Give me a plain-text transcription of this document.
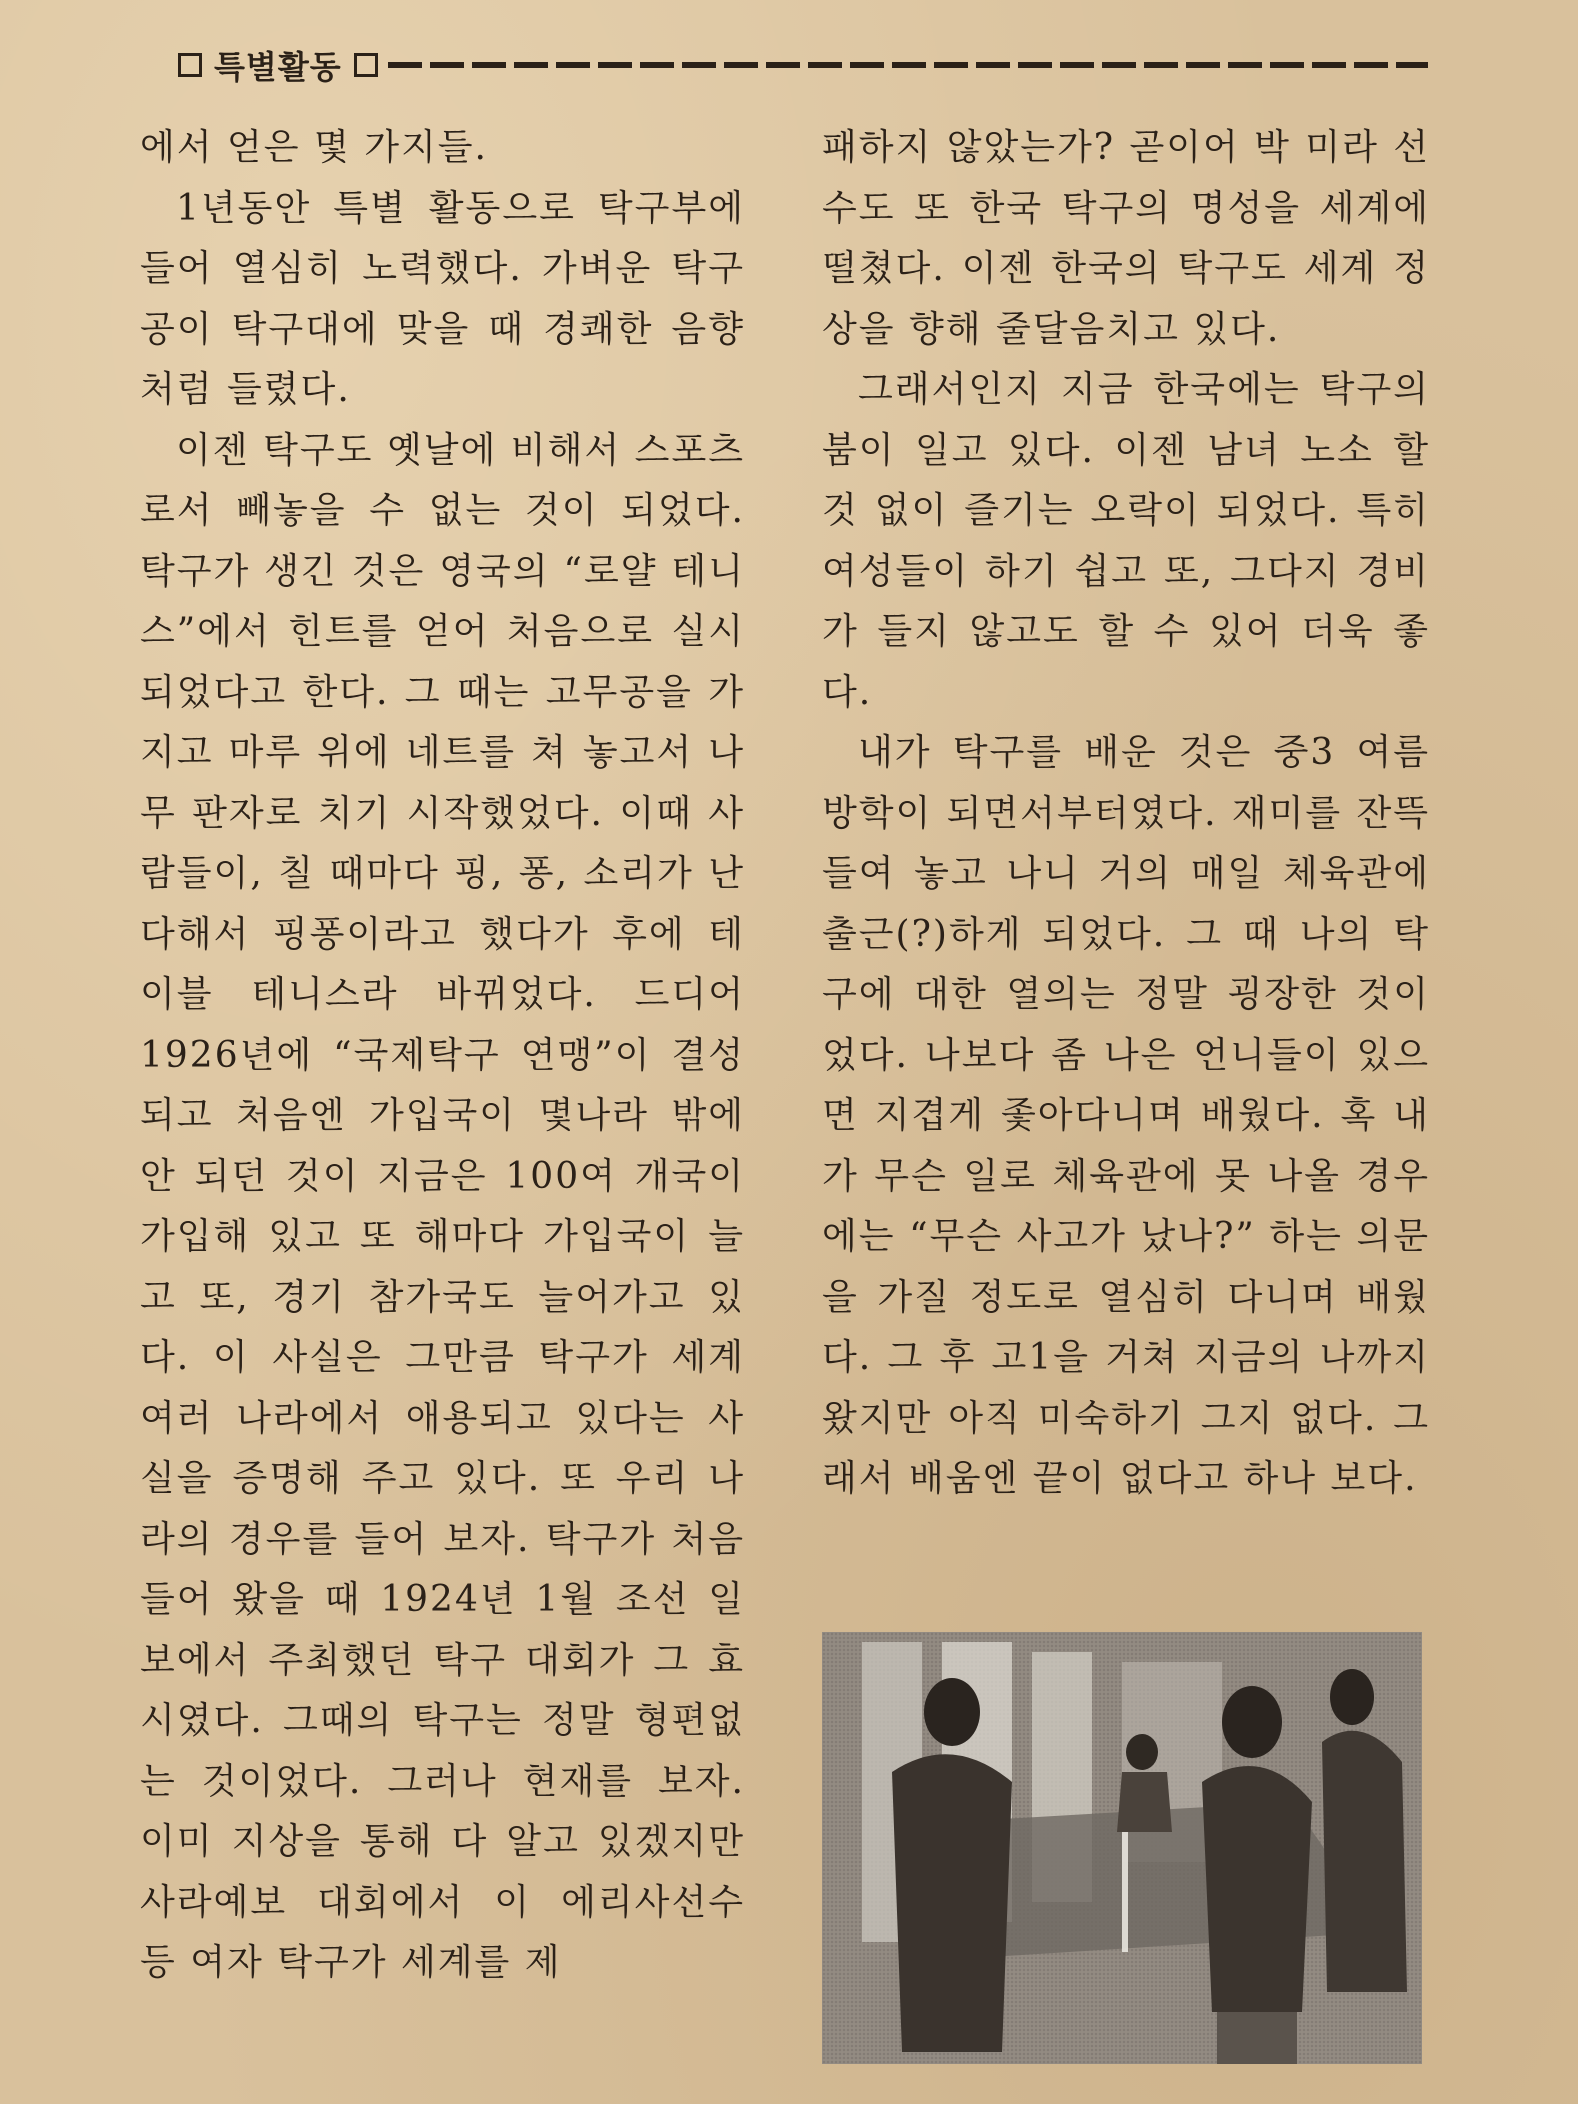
특별활동

에서 얻은 몇 가지들.

1년동안 특별 활동으로 탁구부에 들어 열심히 노력했다. 가벼운 탁구 공이 탁구대에 맞을 때 경쾌한 음향처럼 들렸다.

이젠 탁구도 옛날에 비해서 스포츠로서 빼놓을 수 없는 것이 되었다. 탁구가 생긴 것은 영국의 “로얄 테니스”에서 힌트를 얻어 처음으로 실시되었다고 한다. 그 때는 고무공을 가지고 마루 위에 네트를 쳐 놓고서 나무 판자로 치기 시작했었다. 이때 사람들이, 칠 때마다 핑, 퐁, 소리가 난다해서 핑퐁이라고 했다가 후에 테이블 테니스라 바뀌었다. 드디어 1926년에 “국제탁구 연맹”이 결성되고 처음엔 가입국이 몇나라 밖에 안 되던 것이 지금은 100여 개국이 가입해 있고 또 해마다 가입국이 늘고 또, 경기 참가국도 늘어가고 있다. 이 사실은 그만큼 탁구가 세계 여러 나라에서 애용되고 있다는 사실을 증명해 주고 있다. 또 우리 나라의 경우를 들어 보자. 탁구가 처음 들어 왔을 때 1924년 1월 조선 일보에서 주최했던 탁구 대회가 그 효시였다. 그때의 탁구는 정말 형편없는 것이었다. 그러나 현재를 보자. 이미 지상을 통해 다 알고 있겠지만 사라예보 대회에서 이 에리사선수 등 여자 탁구가 세계를 제

패하지 않았는가? 곧이어 박 미라 선수도 또 한국 탁구의 명성을 세계에 떨쳤다. 이젠 한국의 탁구도 세계 정상을 향해 줄달음치고 있다.

그래서인지 지금 한국에는 탁구의 붐이 일고 있다. 이젠 남녀 노소 할 것 없이 즐기는 오락이 되었다. 특히 여성들이 하기 쉽고 또, 그다지 경비가 들지 않고도 할 수 있어 더욱 좋다.

내가 탁구를 배운 것은 중3 여름 방학이 되면서부터였다. 재미를 잔뜩 들여 놓고 나니 거의 매일 체육관에 출근(?)하게 되었다. 그 때 나의 탁구에 대한 열의는 정말 굉장한 것이었다. 나보다 좀 나은 언니들이 있으면 지겹게 좇아다니며 배웠다. 혹 내가 무슨 일로 체육관에 못 나올 경우에는 “무슨 사고가 났나?” 하는 의문을 가질 정도로 열심히 다니며 배웠다. 그 후 고1을 거쳐 지금의 나까지 왔지만 아직 미숙하기 그지 없다. 그래서 배움엔 끝이 없다고 하나 보다.
